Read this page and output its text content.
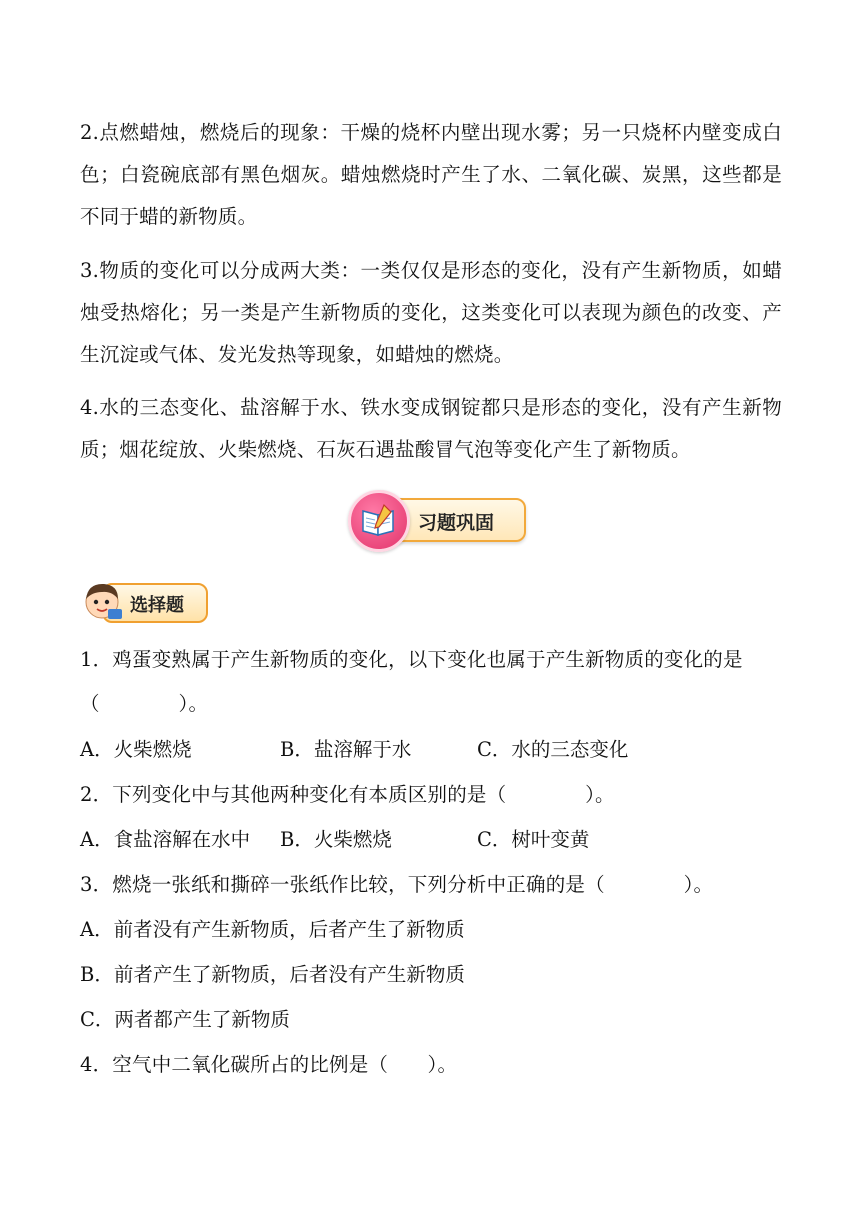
2.点燃蜡烛，燃烧后的现象：干燥的烧杯内壁出现水雾；另一只烧杯内壁变成白色；白瓷碗底部有黑色烟灰。蜡烛燃烧时产生了水、二氧化碳、炭黑，这些都是不同于蜡的新物质。
3.物质的变化可以分成两大类：一类仅仅是形态的变化，没有产生新物质，如蜡烛受热熔化；另一类是产生新物质的变化，这类变化可以表现为颜色的改变、产生沉淀或气体、发光发热等现象，如蜡烛的燃烧。
4.水的三态变化、盐溶解于水、铁水变成钢锭都只是形态的变化，没有产生新物质；烟花绽放、火柴燃烧、石灰石遇盐酸冒气泡等变化产生了新物质。
习题巩固
选择题
1．鸡蛋变熟属于产生新物质的变化，以下变化也属于产生新物质的变化的是
（　　　　）。
A．火柴燃烧	B．盐溶解于水	C．水的三态变化
2．下列变化中与其他两种变化有本质区别的是（　　　　）。
A．食盐溶解在水中 B．火柴燃烧	C．树叶变黄
3．燃烧一张纸和撕碎一张纸作比较，下列分析中正确的是（　　　　）。
A．前者没有产生新物质，后者产生了新物质
B．前者产生了新物质，后者没有产生新物质
C．两者都产生了新物质
4．空气中二氧化碳所占的比例是（　　）。
